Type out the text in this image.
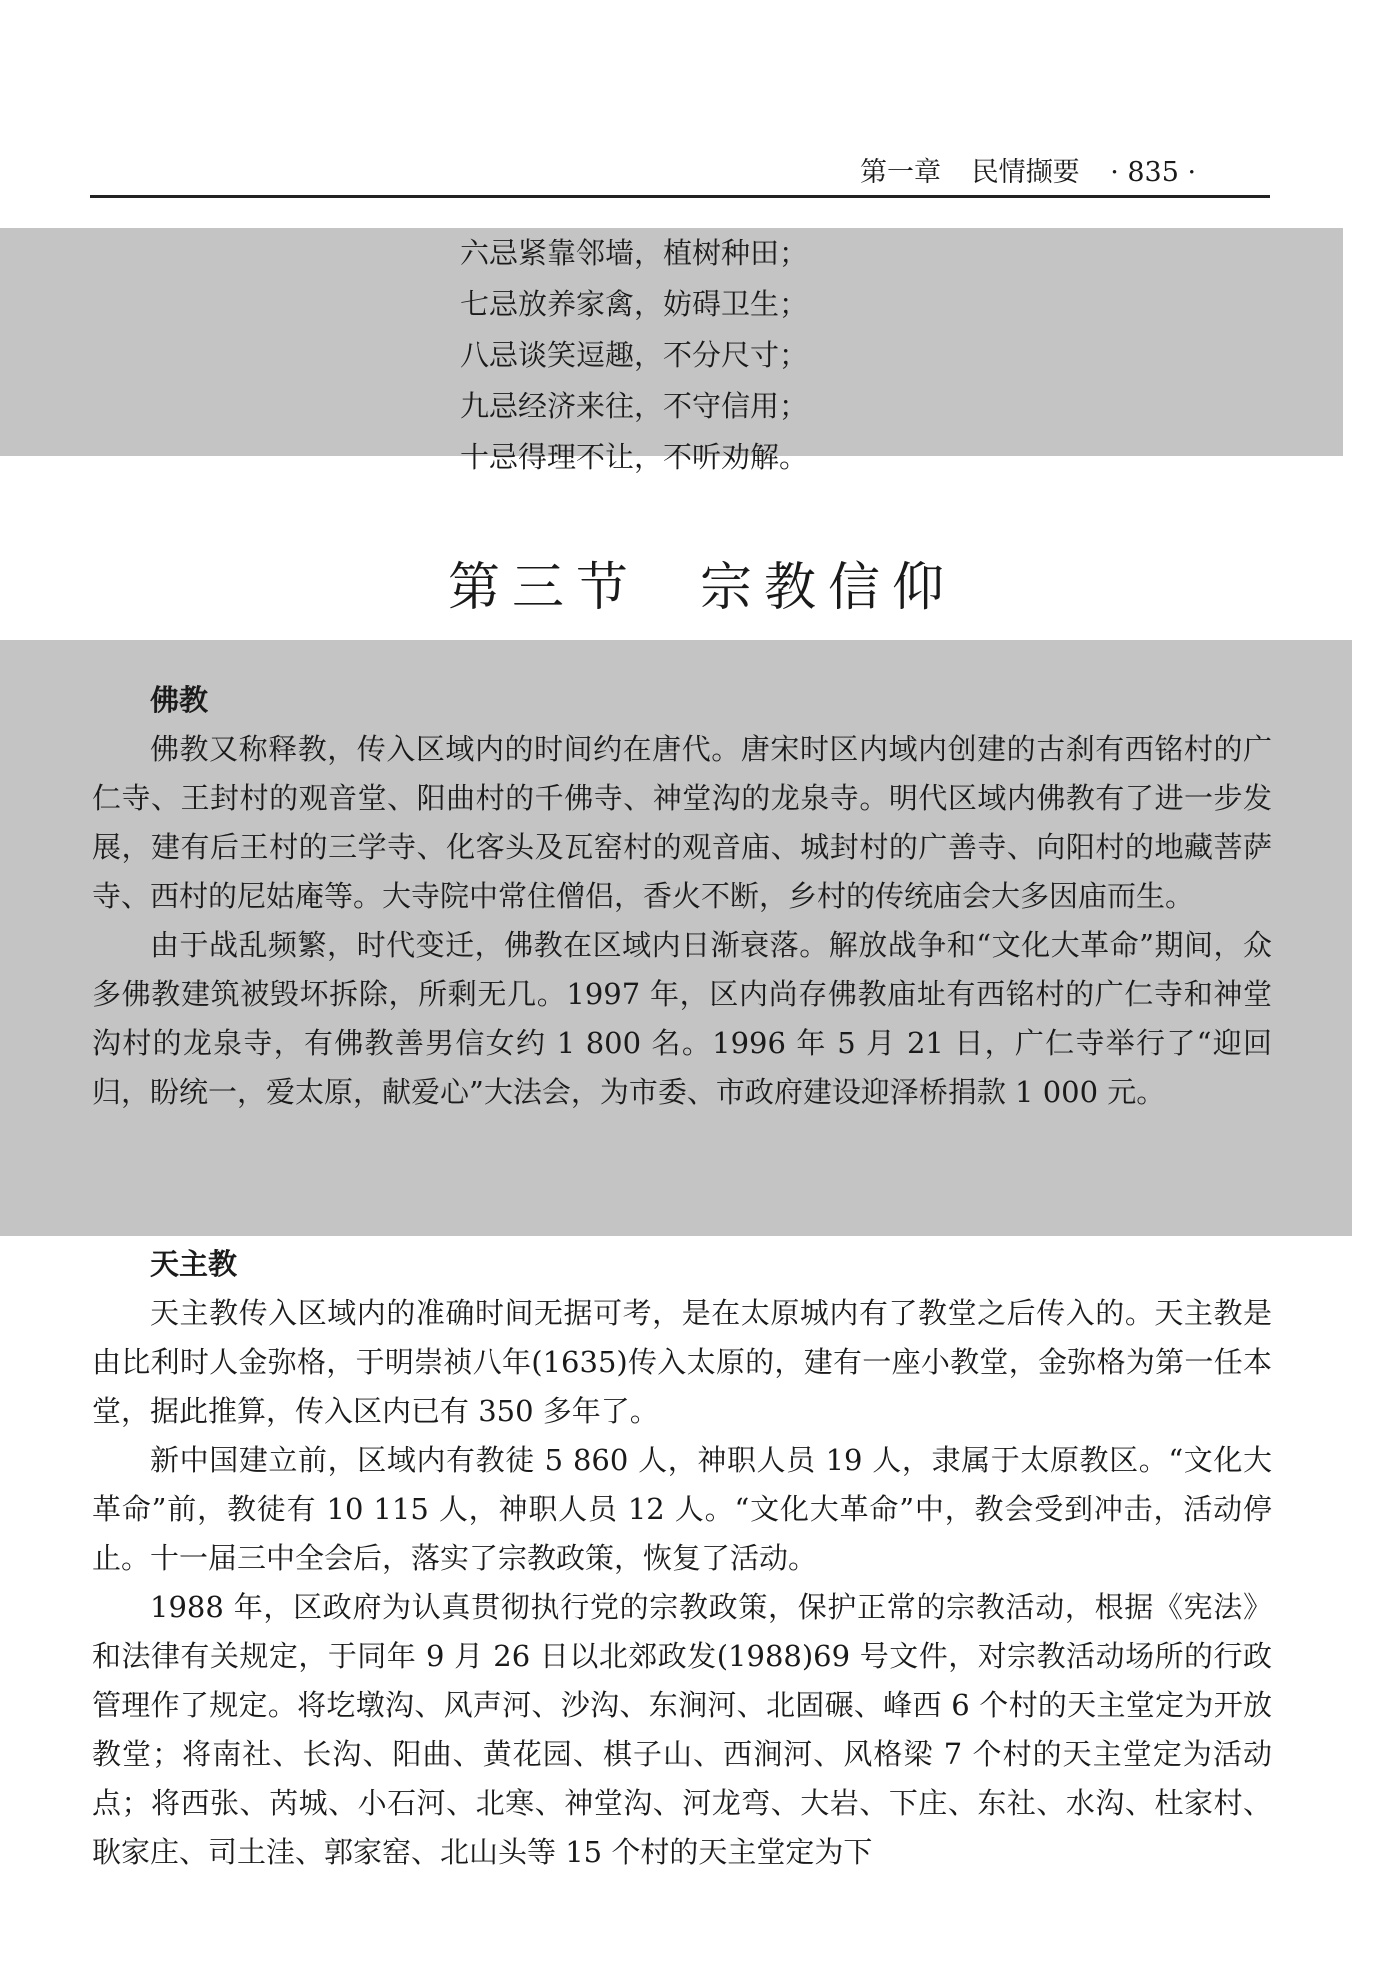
第一章 民情撷要 · 835 ·
六忌紧靠邻墙，植树种田；
七忌放养家禽，妨碍卫生；
八忌谈笑逗趣，不分尺寸；
九忌经济来往，不守信用；
十忌得理不让，不听劝解。
第三节 宗教信仰
佛教

佛教又称释教，传入区域内的时间约在唐代。唐宋时区内域内创建的古刹有西铭村的广仁寺、王封村的观音堂、阳曲村的千佛寺、神堂沟的龙泉寺。明代区域内佛教有了进一步发展，建有后王村的三学寺、化客头及瓦窑村的观音庙、城封村的广善寺、向阳村的地藏菩萨寺、西村的尼姑庵等。大寺院中常住僧侣，香火不断，乡村的传统庙会大多因庙而生。

由于战乱频繁，时代变迁，佛教在区域内日渐衰落。解放战争和“文化大革命”期间，众多佛教建筑被毁坏拆除，所剩无几。1997 年，区内尚存佛教庙址有西铭村的广仁寺和神堂沟村的龙泉寺，有佛教善男信女约 1 800 名。1996 年 5 月 21 日，广仁寺举行了“迎回归，盼统一，爱太原，献爱心”大法会，为市委、市政府建设迎泽桥捐款 1 000 元。

天主教

天主教传入区域内的准确时间无据可考，是在太原城内有了教堂之后传入的。天主教是由比利时人金弥格，于明崇祯八年(1635)传入太原的，建有一座小教堂，金弥格为第一任本堂，据此推算，传入区内已有 350 多年了。

新中国建立前，区域内有教徒 5 860 人，神职人员 19 人，隶属于太原教区。“文化大革命”前，教徒有 10 115 人，神职人员 12 人。“文化大革命”中，教会受到冲击，活动停止。十一届三中全会后，落实了宗教政策，恢复了活动。

1988 年，区政府为认真贯彻执行党的宗教政策，保护正常的宗教活动，根据《宪法》和法律有关规定，于同年 9 月 26 日以北郊政发(1988)69 号文件，对宗教活动场所的行政管理作了规定。将圪墩沟、风声河、沙沟、东涧河、北固碾、峰西 6 个村的天主堂定为开放教堂；将南社、长沟、阳曲、黄花园、棋子山、西涧河、风格梁 7 个村的天主堂定为活动点；将西张、芮城、小石河、北寒、神堂沟、河龙弯、大岩、下庄、东社、水沟、杜家村、耿家庄、司土洼、郭家窑、北山头等 15 个村的天主堂定为下
